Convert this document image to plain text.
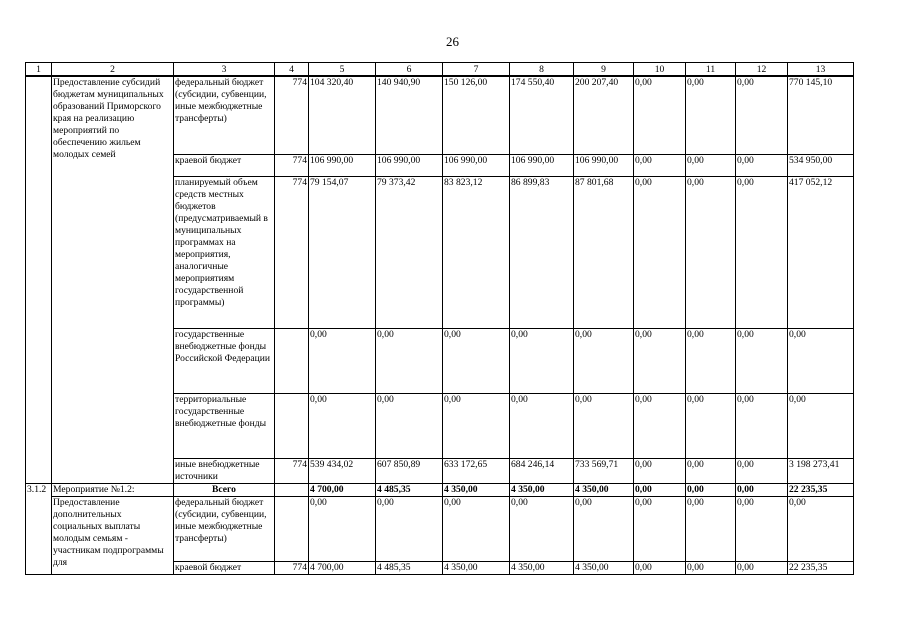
26
1	2	3	4	5	6	7	8	9	10	11	12	13
	Предоставление субсидий бюджетам муниципальных образований Приморского края на реализацию мероприятий по обеспечению жильем молодых семей	федеральный бюджет (субсидии, субвенции, иные межбюджетные трансферты)	774	104 320,40	140 940,90	150 126,00	174 550,40	200 207,40	0,00	0,00	0,00	770 145,10
		краевой бюджет	774	106 990,00	106 990,00	106 990,00	106 990,00	106 990,00	0,00	0,00	0,00	534 950,00
		планируемый объем средств местных бюджетов (предусматриваемый в муниципальных программах на мероприятия, аналогичные мероприятиям государственной программы)	774	79 154,07	79 373,42	83 823,12	86 899,83	87 801,68	0,00	0,00	0,00	417 052,12
		государственные внебюджетные фонды Российской Федерации		0,00	0,00	0,00	0,00	0,00	0,00	0,00	0,00	0,00
		территориальные государственные внебюджетные фонды		0,00	0,00	0,00	0,00	0,00	0,00	0,00	0,00	0,00
		иные внебюджетные источники	774	539 434,02	607 850,89	633 172,65	684 246,14	733 569,71	0,00	0,00	0,00	3 198 273,41
3.1.2	Мероприятие №1.2:	Всего		4 700,00	4 485,35	4 350,00	4 350,00	4 350,00	0,00	0,00	0,00	22 235,35
	Предоставление дополнительных социальных выплаты молодым семьям - участникам подпрограммы для	федеральный бюджет (субсидии, субвенции, иные межбюджетные трансферты)		0,00	0,00	0,00	0,00	0,00	0,00	0,00	0,00	0,00
		краевой бюджет	774	4 700,00	4 485,35	4 350,00	4 350,00	4 350,00	0,00	0,00	0,00	22 235,35
